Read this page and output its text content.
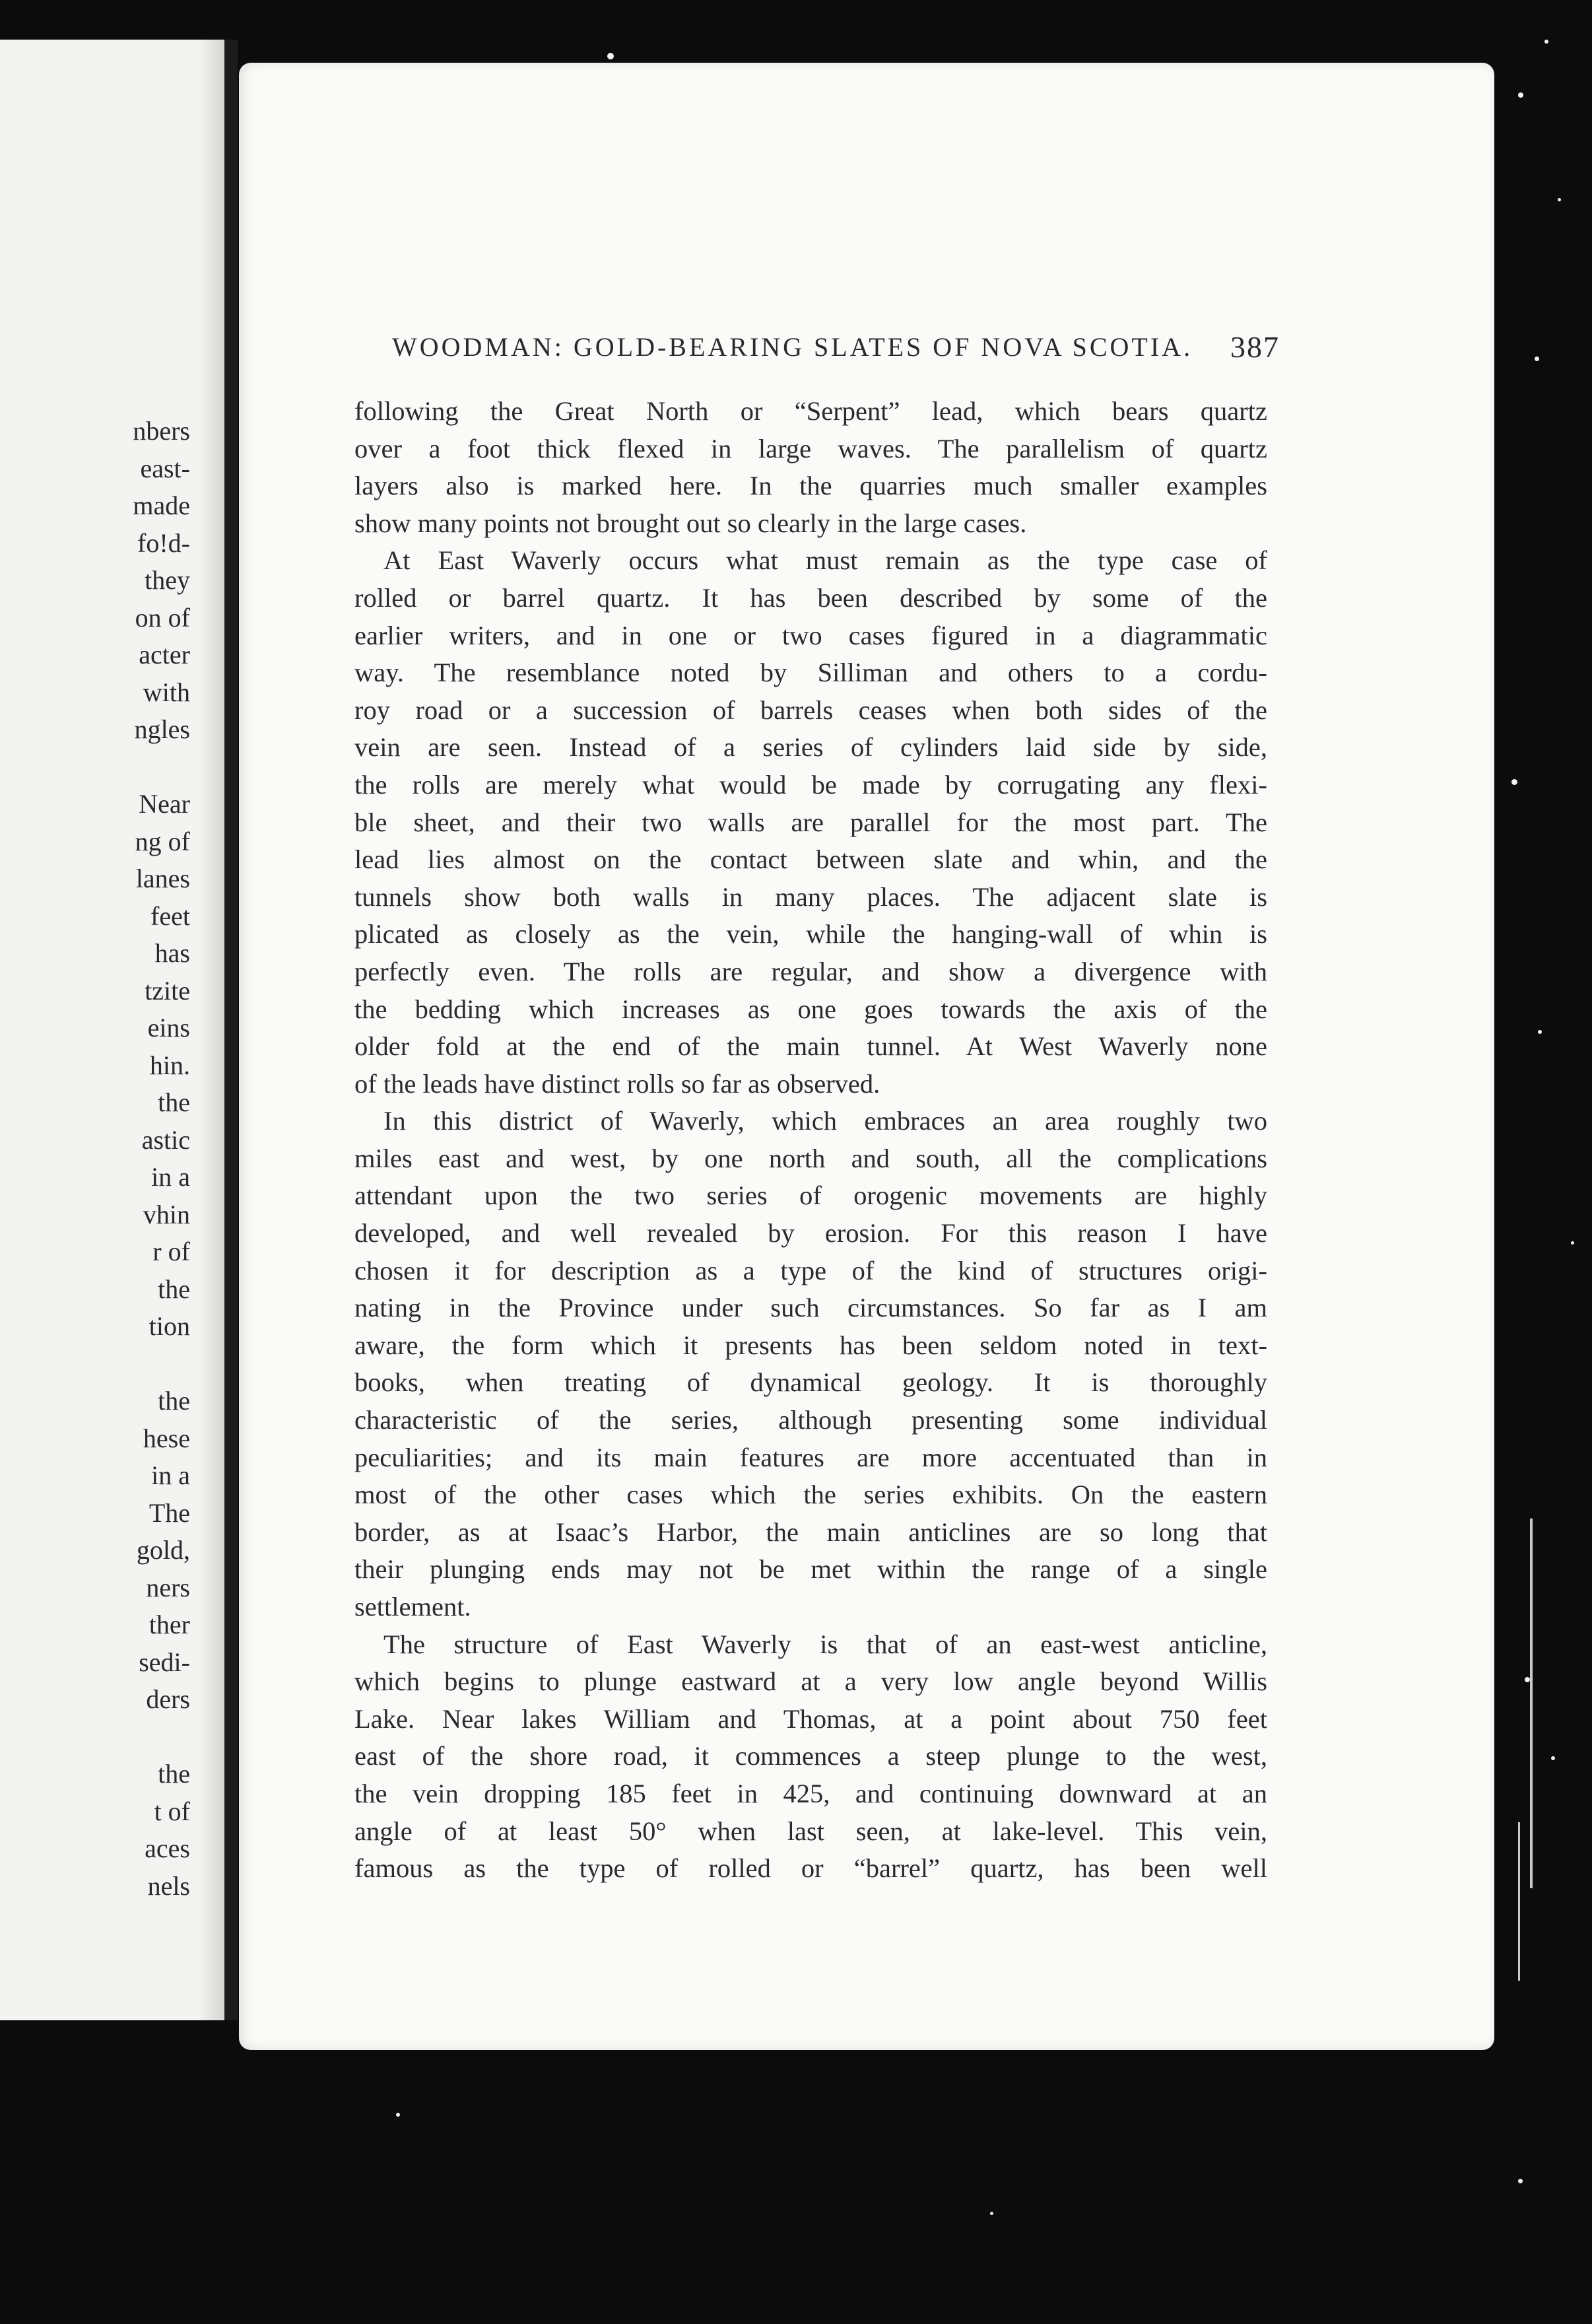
nbers
east-
made
fo!d-
they
on of
acter
with
ngles
Near
ng of
lanes
feet
has
tzite
eins
hin.
the
astic
in a
vhin
r of
the
tion
the
hese
in a
The
gold,
ners
ther
sedi-
ders
the
t of
aces
nels
WOODMAN: GOLD-BEARING SLATES OF NOVA SCOTIA. 387
following the Great North or “Serpent” lead, which bears quartz
over a foot thick flexed in large waves. The parallelism of quartz
layers also is marked here. In the quarries much smaller examples
show many points not brought out so clearly in the large cases.
At East Waverly occurs what must remain as the type case of
rolled or barrel quartz. It has been described by some of the
earlier writers, and in one or two cases figured in a diagrammatic
way. The resemblance noted by Silliman and others to a cordu-
roy road or a succession of barrels ceases when both sides of the
vein are seen. Instead of a series of cylinders laid side by side,
the rolls are merely what would be made by corrugating any flexi-
ble sheet, and their two walls are parallel for the most part. The
lead lies almost on the contact between slate and whin, and the
tunnels show both walls in many places. The adjacent slate is
plicated as closely as the vein, while the hanging-wall of whin is
perfectly even. The rolls are regular, and show a divergence with
the bedding which increases as one goes towards the axis of the
older fold at the end of the main tunnel. At West Waverly none
of the leads have distinct rolls so far as observed.
In this district of Waverly, which embraces an area roughly two
miles east and west, by one north and south, all the complications
attendant upon the two series of orogenic movements are highly
developed, and well revealed by erosion. For this reason I have
chosen it for description as a type of the kind of structures origi-
nating in the Province under such circumstances. So far as I am
aware, the form which it presents has been seldom noted in text-
books, when treating of dynamical geology. It is thoroughly
characteristic of the series, although presenting some individual
peculiarities; and its main features are more accentuated than in
most of the other cases which the series exhibits. On the eastern
border, as at Isaac’s Harbor, the main anticlines are so long that
their plunging ends may not be met within the range of a single
settlement.
The structure of East Waverly is that of an east-west anticline,
which begins to plunge eastward at a very low angle beyond Willis
Lake. Near lakes William and Thomas, at a point about 750 feet
east of the shore road, it commences a steep plunge to the west,
the vein dropping 185 feet in 425, and continuing downward at an
angle of at least 50° when last seen, at lake-level. This vein,
famous as the type of rolled or “barrel” quartz, has been well
